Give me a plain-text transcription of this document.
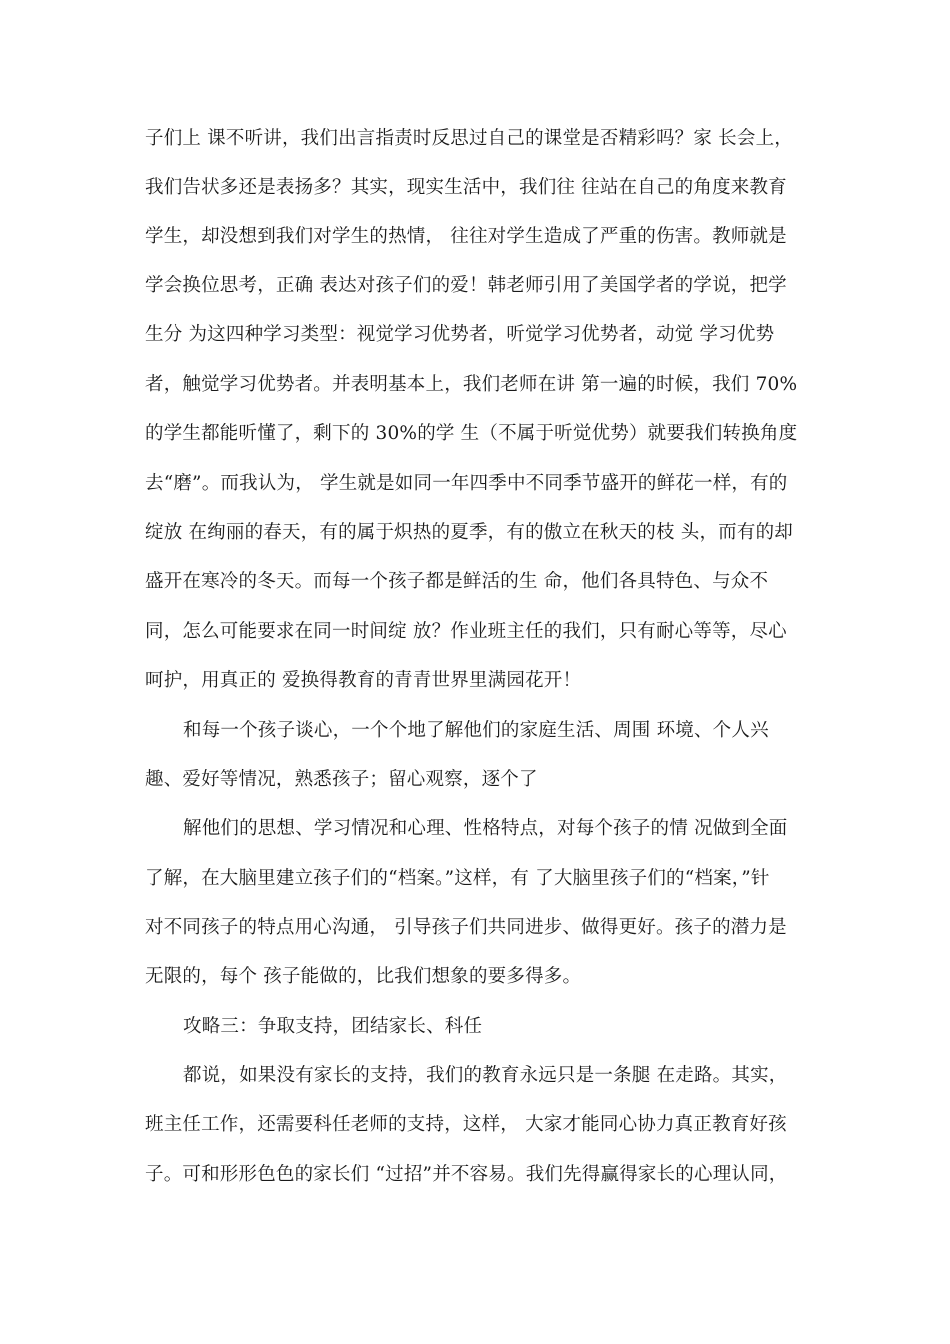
子们上 课不听讲，我们出言指责时反思过自己的课堂是否精彩吗？家 长会上，
我们告状多还是表扬多？其实，现实生活中，我们往 往站在自己的角度来教育
学生，却没想到我们对学生的热情， 往往对学生造成了严重的伤害。教师就是
学会换位思考，正确 表达对孩子们的爱！韩老师引用了美国学者的学说，把学
生分 为这四种学习类型：视觉学习优势者，听觉学习优势者，动觉 学习优势
者，触觉学习优势者。并表明基本上，我们老师在讲 第一遍的时候，我们 70%
的学生都能听懂了，剩下的 30%的学 生（不属于听觉优势）就要我们转换角度
去“磨”。而我认为， 学生就是如同一年四季中不同季节盛开的鲜花一样，有的
绽放 在绚丽的春天，有的属于炽热的夏季，有的傲立在秋天的枝 头，而有的却
盛开在寒冷的冬天。而每一个孩子都是鲜活的生 命，他们各具特色、与众不
同，怎么可能要求在同一时间绽 放？作业班主任的我们，只有耐心等等，尽心
呵护，用真正的 爱换得教育的青青世界里满园花开！
和每一个孩子谈心，一个个地了解他们的家庭生活、周围 环境、个人兴
趣、爱好等情况，熟悉孩子；留心观察，逐个了
解他们的思想、学习情况和心理、性格特点，对每个孩子的情 况做到全面
了解，在大脑里建立孩子们的“档案。”这样，有 了大脑里孩子们的“档案，”针
对不同孩子的特点用心沟通， 引导孩子们共同进步、做得更好。孩子的潜力是
无限的，每个 孩子能做的，比我们想象的要多得多。
攻略三：争取支持，团结家长、科任
都说，如果没有家长的支持，我们的教育永远只是一条腿 在走路。其实，
班主任工作，还需要科任老师的支持，这样， 大家才能同心协力真正教育好孩
子。可和形形色色的家长们 “过招”并不容易。我们先得赢得家长的心理认同，
